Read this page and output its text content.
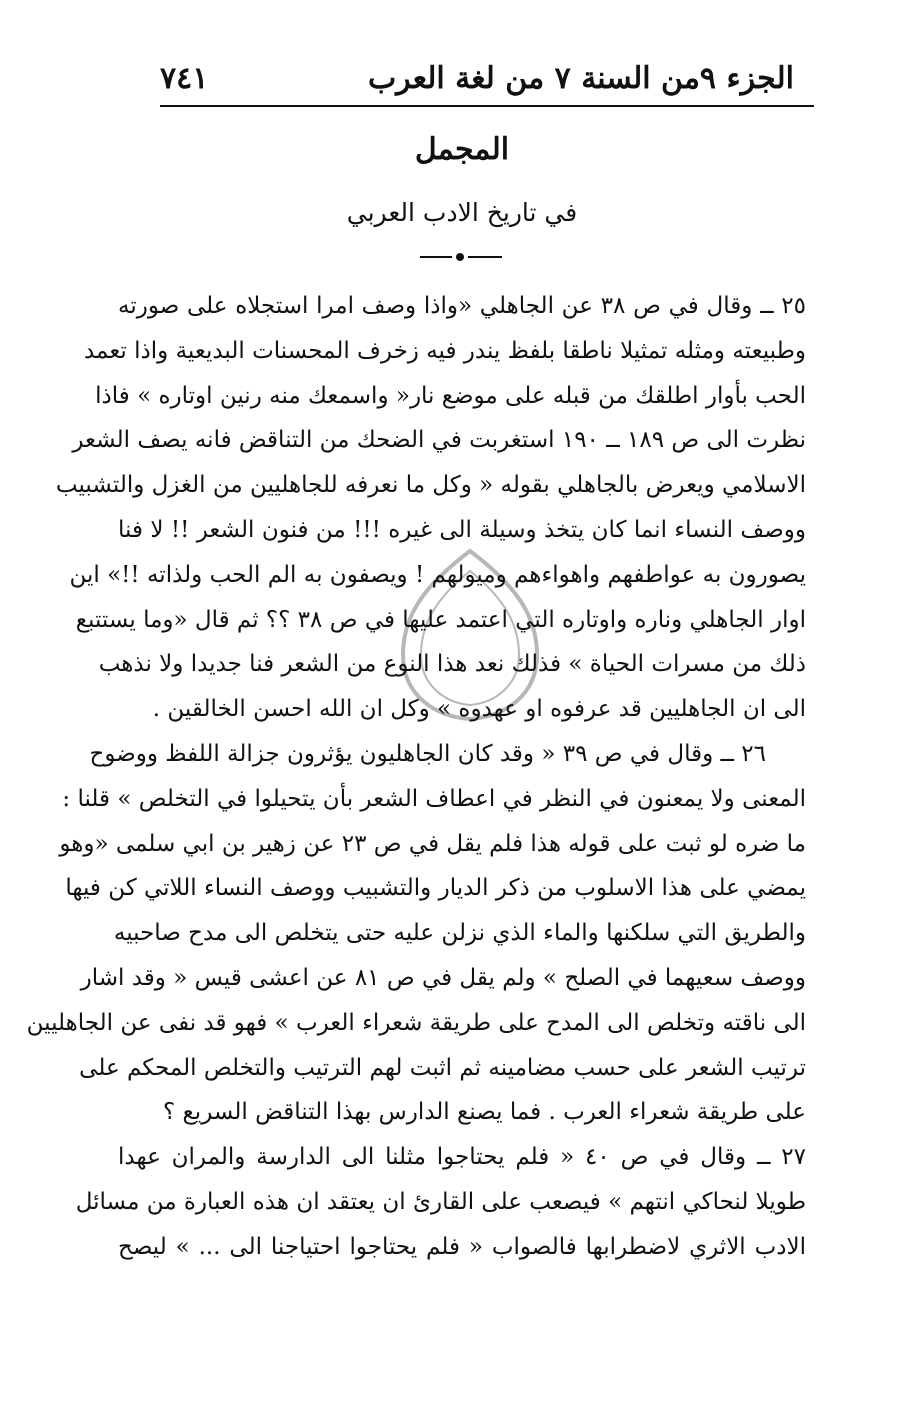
الجزء ٩من السنة ٧ من لغة العرب
٧٤١
المجمل
في تاريخ الادب العربي
٢٥ ــ وقال في ص ٣٨ عن الجاهلي «واذا وصف امرا استجلاه على صورته
وطبيعته ومثله تمثيلا ناطقا بلفظ يندر فيه زخرف المحسنات البديعية واذا تعمد
الحب بأوار اطلقك من قبله على موضع نار« واسمعك منه رنين اوتاره » فاذا
نظرت الى ص ١٨٩ ــ ١٩٠ استغربت في الضحك من التناقض فانه يصف الشعر
الاسلامي ويعرض بالجاهلي بقوله « وكل ما نعرفه للجاهليين من الغزل والتشبيب
ووصف النساء انما كان يتخذ وسيلة الى غيره !!! من فنون الشعر !! لا فنا
يصورون به عواطفهم واهواءهم وميولهم ! ويصفون به الم الحب ولذاته !!» اين
اوار الجاهلي وناره واوتاره التي اعتمد عليها في ص ٣٨ ؟؟ ثم قال «وما يستتبع
ذلك من مسرات الحياة » فذلك نعد هذا النوع من الشعر فنا جديدا ولا نذهب
الى ان الجاهليين قد عرفوه او عهدوه » وكل ان الله احسن الخالقين .
٢٦ ــ وقال في ص ٣٩ « وقد كان الجاهليون يؤثرون جزالة اللفظ ووضوح
المعنى ولا يمعنون في النظر في اعطاف الشعر بأن يتحيلوا في التخلص » قلنا :
ما ضره لو ثبت على قوله هذا فلم يقل في ص ٢٣ عن زهير بن ابي سلمى «وهو
يمضي على هذا الاسلوب من ذكر الديار والتشبيب ووصف النساء اللاتي كن فيها
والطريق التي سلكنها والماء الذي نزلن عليه حتى يتخلص الى مدح صاحبيه
ووصف سعيهما في الصلح » ولم يقل في ص ٨١ عن اعشى قيس « وقد اشار
الى ناقته وتخلص الى المدح على طريقة شعراء العرب » فهو قد نفى عن الجاهليين
ترتيب الشعر على حسب مضامينه ثم اثبت لهم الترتيب والتخلص المحكم على
على طريقة شعراء العرب . فما يصنع الدارس بهذا التناقض السريع ؟
٢٧ ــ وقال في ص ٤٠ « فلم يحتاجوا مثلنا الى الدارسة والمران عهدا
طويلا لنحاكي انتهم » فيصعب على القارئ ان يعتقد ان هذه العبارة من مسائل
الادب الاثري لاضطرابها فالصواب « فلم يحتاجوا احتياجنا الى ... » ليصح
